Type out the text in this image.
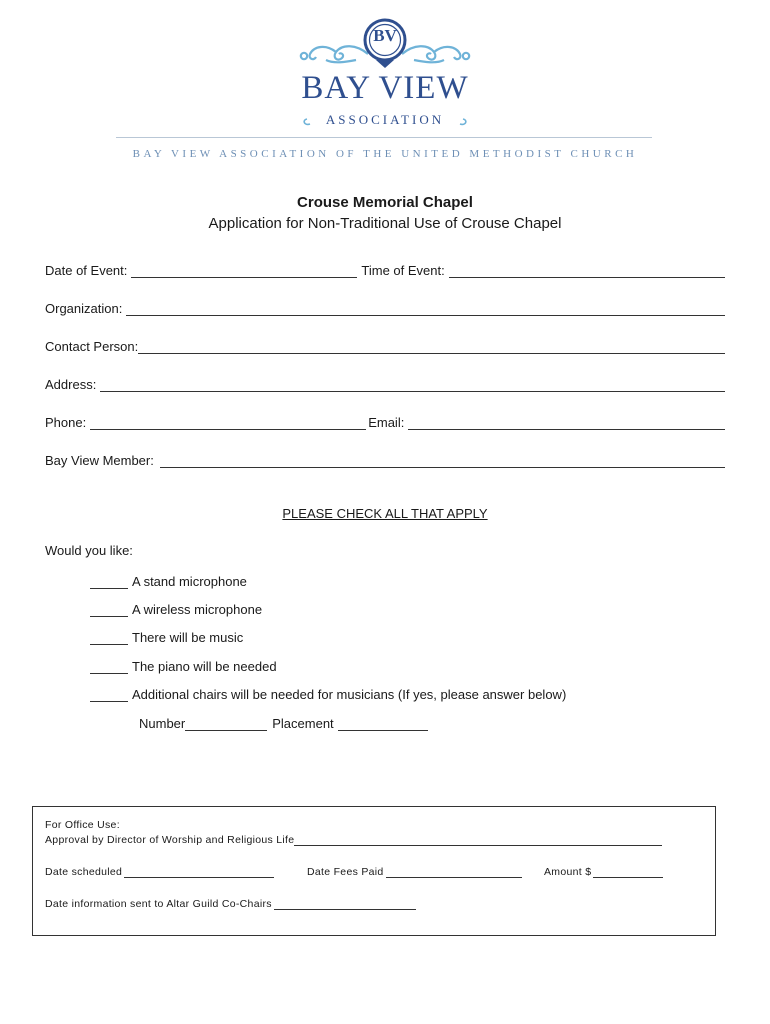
BV
BAY VIEW
ASSOCIATION
BAY VIEW ASSOCIATION OF THE UNITED METHODIST CHURCH
Crouse Memorial Chapel
Application for Non-Traditional Use of Crouse Chapel
Date of Event:	Time of Event:
Organization:
Contact Person:
Address:
Phone:	Email:
Bay View Member:
PLEASE CHECK ALL THAT APPLY
Would you like:
A stand microphone
A wireless microphone
There will be music
The piano will be needed
Additional chairs will be needed for musicians (If yes, please answer below)
Number	Placement
For Office Use:
Approval by Director of Worship and Religious Life
Date scheduled	Date Fees Paid	Amount $
Date information sent to Altar Guild Co-Chairs
